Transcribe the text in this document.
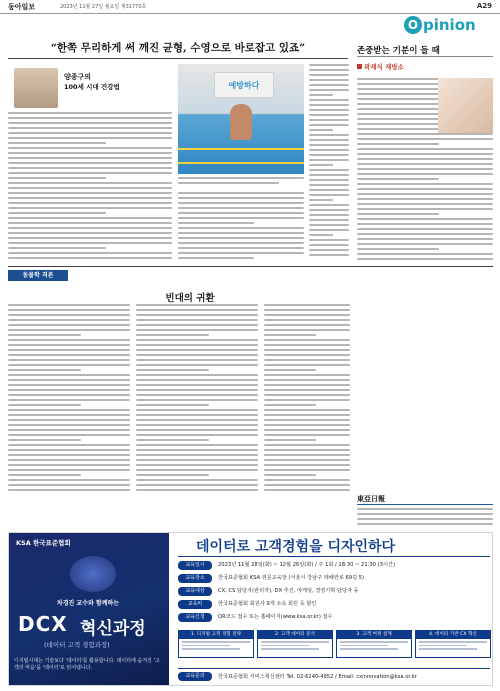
동아일보	2023년 11월 27일 월요일 제31770호	A29
O pinion
“한쪽 무리하게 써 깨진 균형, 수영으로 바로잡고 있죠”
양종구의
100세 시대 건강법	예방하다
존중받는 기분이 들 때
곽재식 재방소
동물학 격론
빈대의 귀환
東亞日報
KSA 한국표준협회
차경진 교수와 함께하는
DCX 혁신과정
(데이터 고객 경험과정)
디지털시대는 기술보다 '데이터'를 활용합니다. 데이터에 숨겨진 '고객의 마음'을 '데이터'로 읽어냅니다.
데이터로 고객경험을 디자인하다
교육일시	2023년 11월 28일(화) ~ 12월 26일(화) / 주 1회 / 18:30 ~ 21:30 (3시간)
교육장소	한국표준협회 KSA 전문교육장 (서울시 강남구 테헤란로 69길 5)
교육대상	CX, CS 담당자(관리자), DX 추진, 마케팅, 경영기획 담당자 등
교육비	한국표준협회 회원사 9개 소속 회원 등 할인
교육신청	QR코드 접수 또는 홈페이지(www.ksa.or.kr) 접수
1. 디지털 고객 경험 전략	2. 고객 데이터 분석	3. 고객 여정 설계	4. 데이터 기반 CX 혁신
교육문의	한국표준협회 서비스혁신센터 Tel. 02-6240-4952 / Email: cxinnovation@ksa.or.kr
